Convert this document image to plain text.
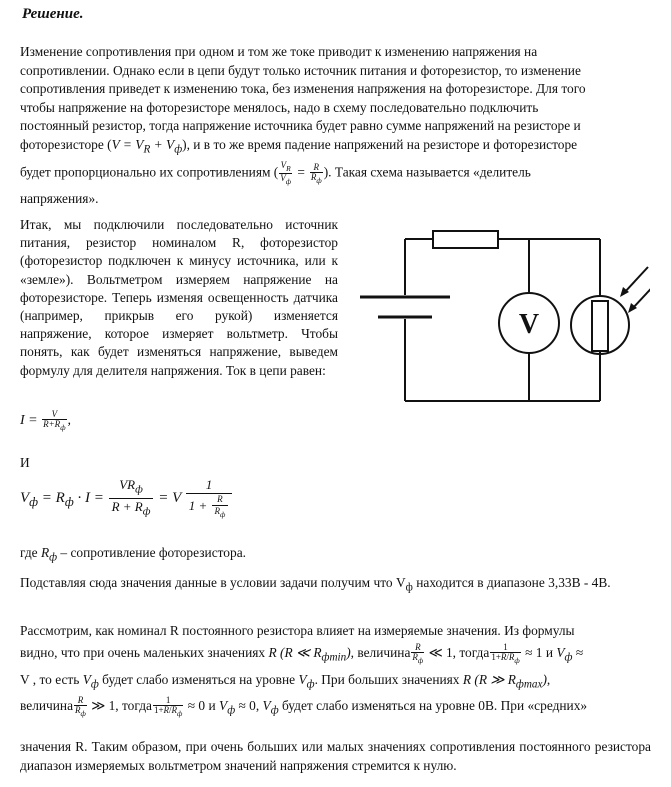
Решение.
Изменение сопротивления при одном и том же токе приводит к изменению напряжения на
сопротивлении. Однако если в цепи будут только источник питания и фоторезистор, то изменение
сопротивления приведет к изменению тока, без изменения напряжения на фоторезисторе. Для того
чтобы напряжение на фоторезисторе менялось, надо в схему последовательно подключить
постоянный резистор, тогда напряжение источника будет равно сумме напряжений на резисторе и
фоторезисторе $(V = V_R + V_ф)$, и в то же время падение напряжений на резисторе и фоторезисторе
будет пропорционально их сопротивлениям ( $\frac{V_R}{V_ф} = \frac{R}{R_ф}$ ). Такая схема называется «делитель
напряжения».
Итак, мы подключили последовательно источник питания, резистор номиналом R, фоторезистор (фоторезистор подключен к минусу источника, или к «земле»). Вольтметром измеряем напряжение на фоторезисторе. Теперь изменяя освещенность датчика (например, прикрыв его рукой) изменяется напряжение, которое измеряет вольтметр. Чтобы понять, как будет изменяться напряжение, выведем формулу для делителя напряжения. Ток в цепи равен:
V
$I = \frac{V}{R+R_ф}$ ,
И
$V_ф = R_ф \cdot I = \frac{VR_ф}{R + R_ф} = V \frac{1}{1 + \frac{R}{R_ф}}$
где $R_ф$ – сопротивление фоторезистора.
Подставляя сюда значения данные в условии задачи получим что $V_ф$ находится в диапазоне 3,33В - 4В.
Рассмотрим, как номинал R постоянного резистора влияет на измеряемые значения. Из формулы
видно, что при очень маленьких значениях R (R ≪ $R_{фmin}$), величина $\frac{R}{R_ф}$ ≪ 1, тогда $\frac{1}{1+R/R_ф} \approx 1$ и $V_ф$ ≈
V , то есть $V_ф$ будет слабо изменяться на уровне $V_ф$. При больших значениях R (R ≫ $R_{фmax}$),
величина $\frac{R}{R_ф}$ ≫ 1, тогда $\frac{1}{1+R/R_ф} \approx 0$ и $V_ф \approx 0$, $V_ф$ будет слабо изменяться на уровне 0В. При «средних»
значения R. Таким образом, при очень больших или малых значениях сопротивления постоянного резистора диапазон измеряемых вольтметром значений напряжения стремится к нулю.
